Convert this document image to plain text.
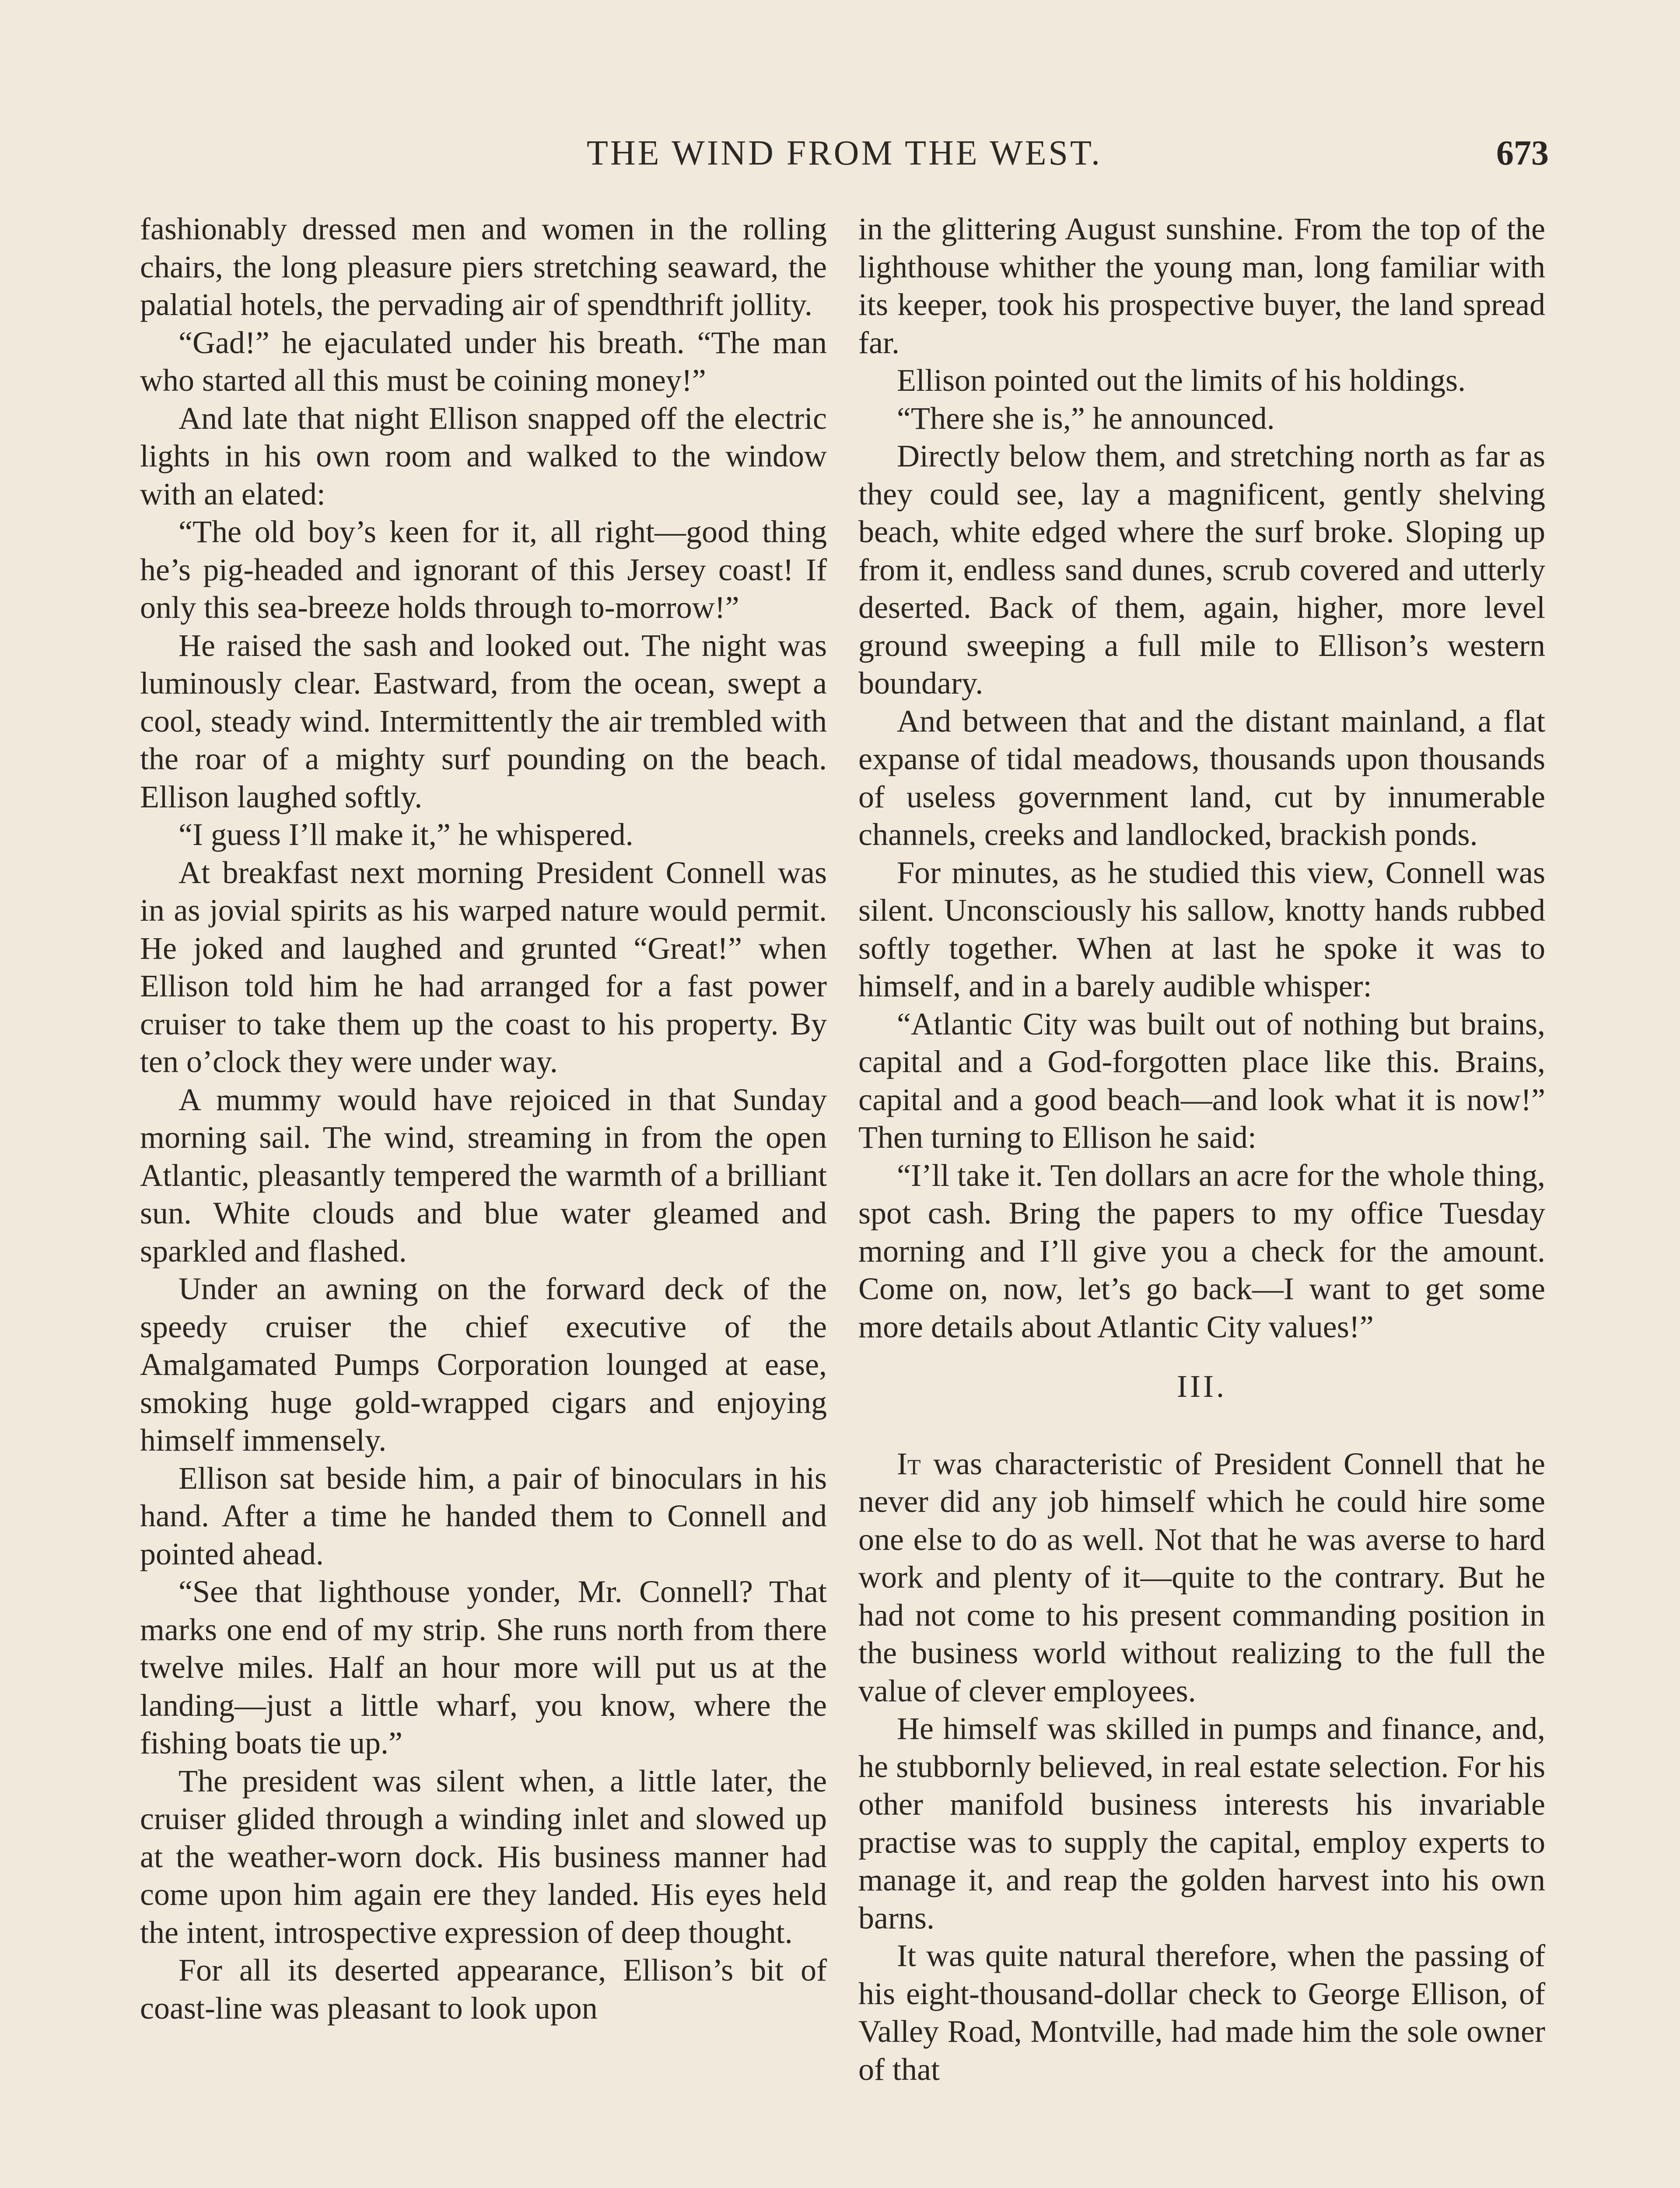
THE WIND FROM THE WEST.	673

fashionably dressed men and women in the rolling chairs, the long pleasure piers stretching seaward, the palatial hotels, the pervading air of spendthrift jollity.

“Gad!” he ejaculated under his breath. “The man who started all this must be coining money!”

And late that night Ellison snapped off the electric lights in his own room and walked to the window with an elated:

“The old boy’s keen for it, all right—good thing he’s pig-headed and ignorant of this Jersey coast! If only this sea-breeze holds through to-morrow!”

He raised the sash and looked out. The night was luminously clear. Eastward, from the ocean, swept a cool, steady wind. Intermittently the air trembled with the roar of a mighty surf pounding on the beach. Ellison laughed softly.

“I guess I’ll make it,” he whispered.

At breakfast next morning President Connell was in as jovial spirits as his warped nature would permit. He joked and laughed and grunted “Great!” when Ellison told him he had arranged for a fast power cruiser to take them up the coast to his property. By ten o’clock they were under way.

A mummy would have rejoiced in that Sunday morning sail. The wind, streaming in from the open Atlantic, pleasantly tempered the warmth of a brilliant sun. White clouds and blue water gleamed and sparkled and flashed.

Under an awning on the forward deck of the speedy cruiser the chief executive of the Amalgamated Pumps Corporation lounged at ease, smoking huge gold-wrapped cigars and enjoying himself immensely.

Ellison sat beside him, a pair of binoculars in his hand. After a time he handed them to Connell and pointed ahead.

“See that lighthouse yonder, Mr. Connell? That marks one end of my strip. She runs north from there twelve miles. Half an hour more will put us at the landing—just a little wharf, you know, where the fishing boats tie up.”

The president was silent when, a little later, the cruiser glided through a winding inlet and slowed up at the weather-worn dock. His business manner had come upon him again ere they landed. His eyes held the intent, introspective expression of deep thought.

For all its deserted appearance, Ellison’s bit of coast-line was pleasant to look upon

in the glittering August sunshine. From the top of the lighthouse whither the young man, long familiar with its keeper, took his prospective buyer, the land spread far.

Ellison pointed out the limits of his holdings.

“There she is,” he announced.

Directly below them, and stretching north as far as they could see, lay a magnificent, gently shelving beach, white edged where the surf broke. Sloping up from it, endless sand dunes, scrub covered and utterly deserted. Back of them, again, higher, more level ground sweeping a full mile to Ellison’s western boundary.

And between that and the distant mainland, a flat expanse of tidal meadows, thousands upon thousands of useless government land, cut by innumerable channels, creeks and landlocked, brackish ponds.

For minutes, as he studied this view, Connell was silent. Unconsciously his sallow, knotty hands rubbed softly together. When at last he spoke it was to himself, and in a barely audible whisper:

“Atlantic City was built out of nothing but brains, capital and a God-forgotten place like this. Brains, capital and a good beach—and look what it is now!” Then turning to Ellison he said:

“I’ll take it. Ten dollars an acre for the whole thing, spot cash. Bring the papers to my office Tuesday morning and I’ll give you a check for the amount. Come on, now, let’s go back—I want to get some more details about Atlantic City values!”

III.

It was characteristic of President Connell that he never did any job himself which he could hire some one else to do as well. Not that he was averse to hard work and plenty of it—quite to the contrary. But he had not come to his present commanding position in the business world without realizing to the full the value of clever employees.

He himself was skilled in pumps and finance, and, he stubbornly believed, in real estate selection. For his other manifold business interests his invariable practise was to supply the capital, employ experts to manage it, and reap the golden harvest into his own barns.

It was quite natural therefore, when the passing of his eight-thousand-dollar check to George Ellison, of Valley Road, Montville, had made him the sole owner of that
